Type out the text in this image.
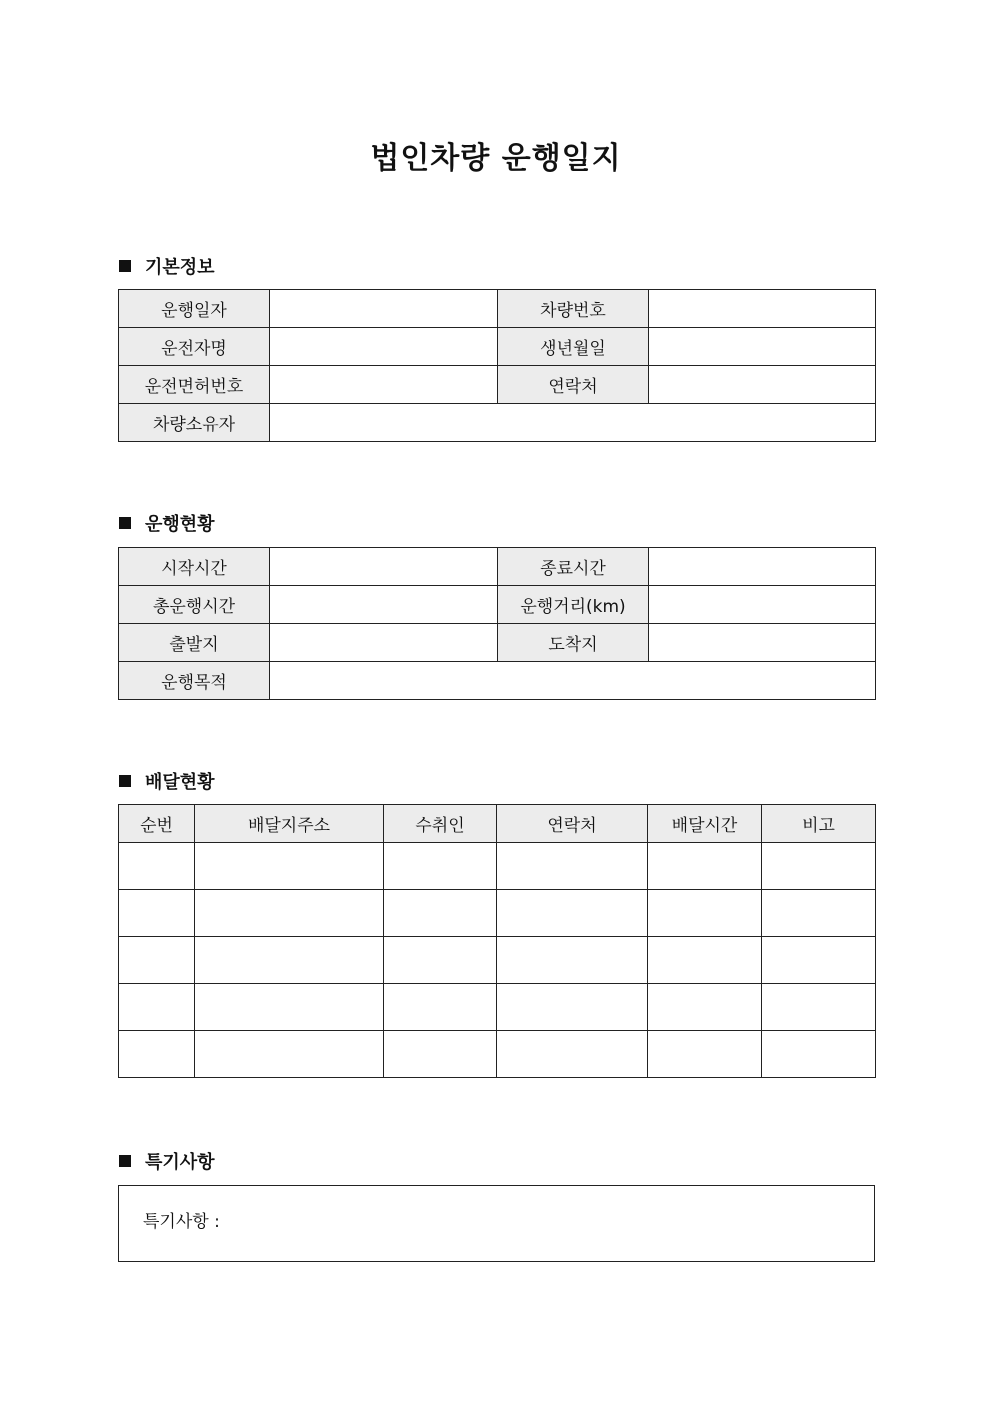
법인차량 운행일지
기본정보
운행일자		차량번호	
운전자명		생년월일	
운전면허번호		연락처	
차량소유자			
운행현황
시작시간		종료시간	
총운행시간		운행거리(km)	
출발지		도착지	
운행목적			
배달현황
순번	배달지주소	수취인	연락처	배달시간	비고

특기사항
특기사항 :
